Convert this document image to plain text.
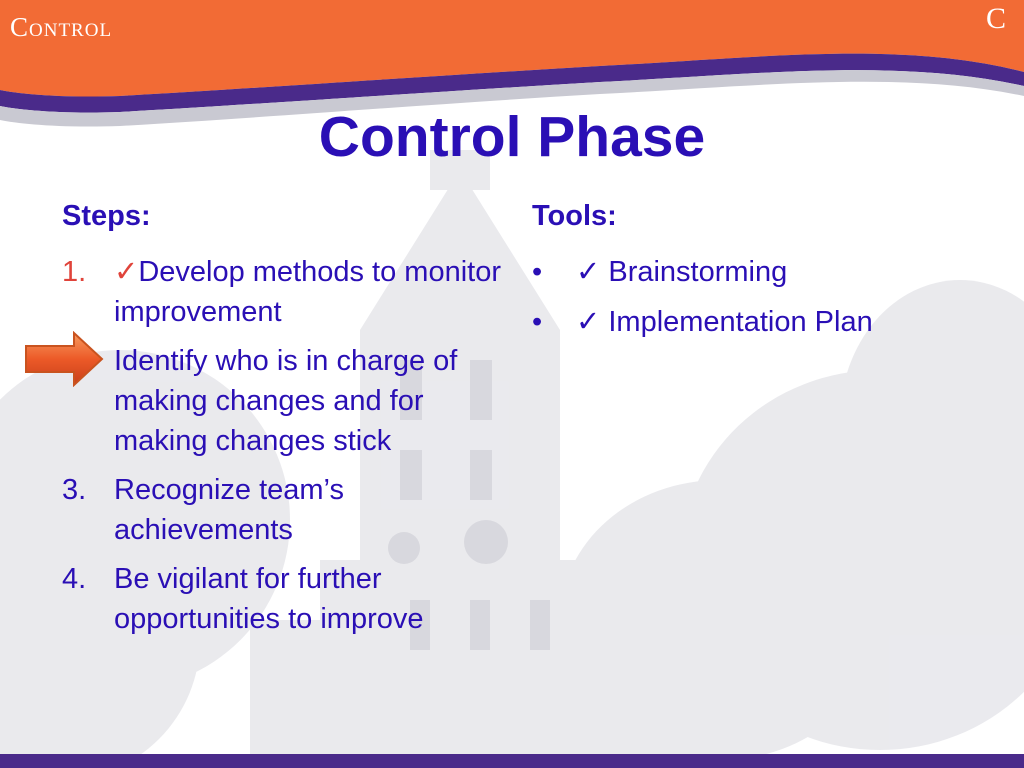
Control	C
Control Phase
Steps:	Tools:
1. ✓Develop methods to monitor improvement
Identify who is in charge of making changes and for making changes stick
3. Recognize team’s achievements
4. Be vigilant for further opportunities to improve
• ✓ Brainstorming
• ✓ Implementation Plan
